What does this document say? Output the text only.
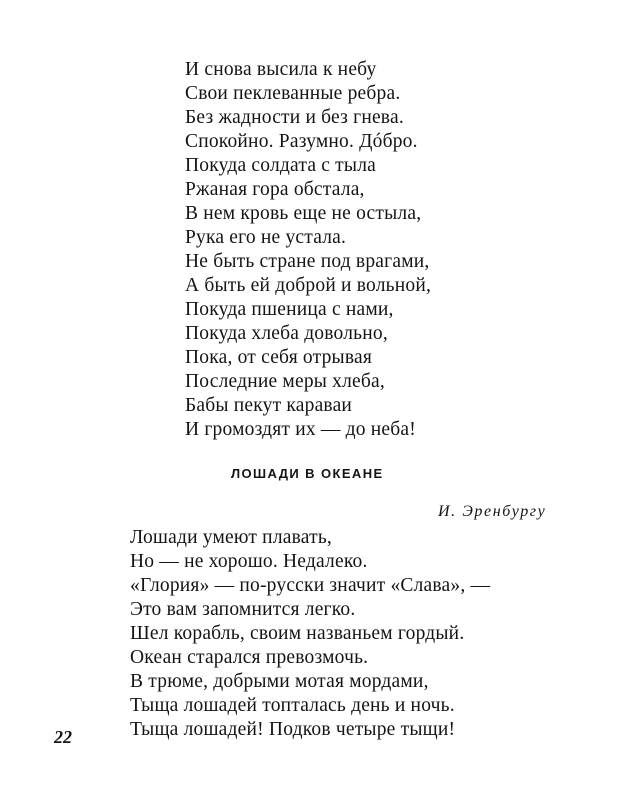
И снова высила к небу
Свои пеклеванные ребра.
Без жадности и без гнева.
Спокойно. Разумно. Дóбро.
Покуда солдата с тыла
Ржаная гора обстала,
В нем кровь еще не остыла,
Рука его не устала.
Не быть стране под врагами,
А быть ей доброй и вольной,
Покуда пшеница с нами,
Покуда хлеба довольно,
Пока, от себя отрывая
Последние меры хлеба,
Бабы пекут караваи
И громоздят их — до неба!
ЛОШАДИ В ОКЕАНЕ
И. Эренбургу
Лошади умеют плавать,
Но — не хорошо. Недалеко.
«Глория» — по-русски значит «Слава», —
Это вам запомнится легко.
Шел корабль, своим названьем гордый.
Океан старался превозмочь.
В трюме, добрыми мотая мордами,
Тыща лошадей топталась день и ночь.
Тыща лошадей! Подков четыре тыщи!
22
